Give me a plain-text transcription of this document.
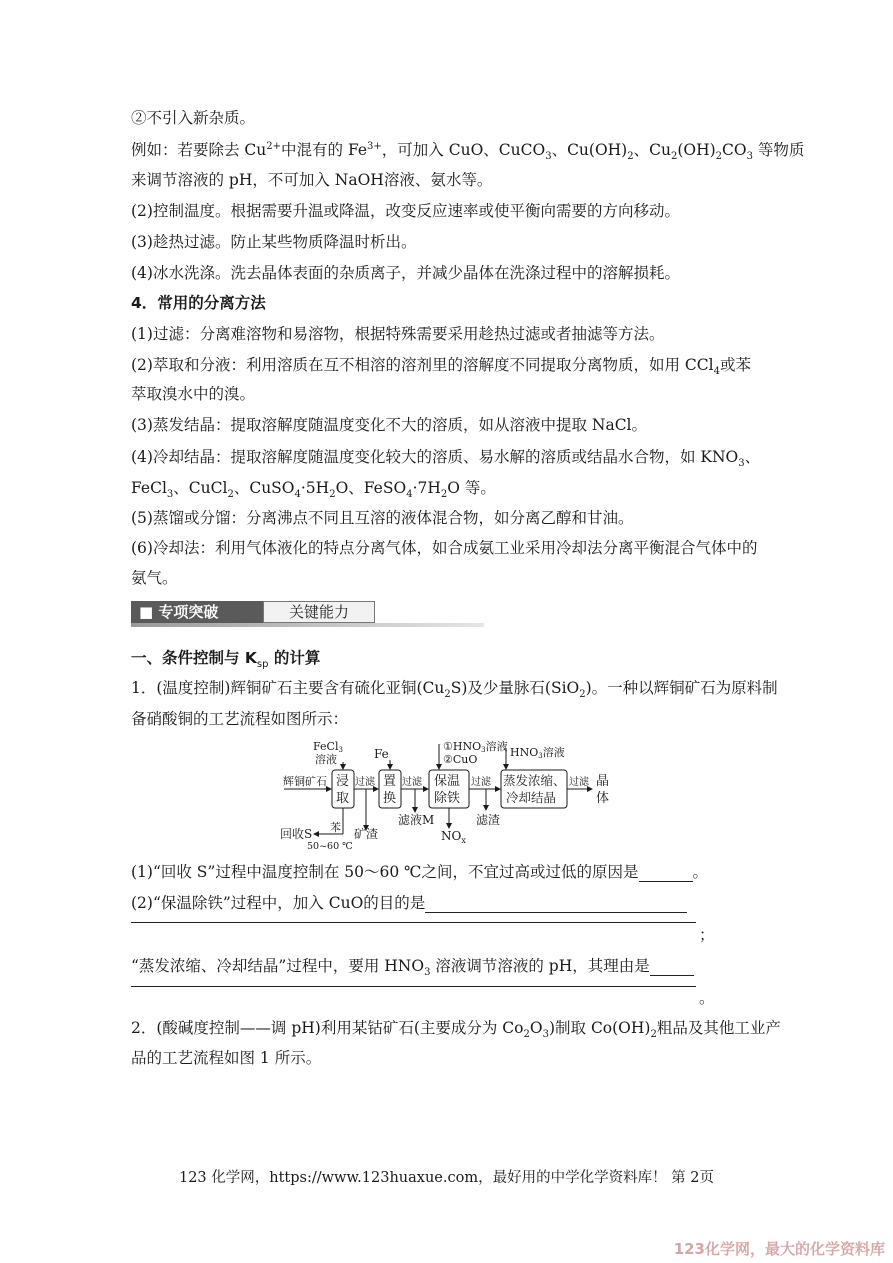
②不引入新杂质。
例如：若要除去 $Cu^{2+}$中混有的 $Fe^{3+}$，可加入 CuO、CuCO$_3$、$Cu(OH)_2$、$Cu_2(OH)_2CO_3$ 等物质
来调节溶液的 pH，不可加入 NaOH溶液、氨水等。
(2)控制温度。根据需要升温或降温，改变反应速率或使平衡向需要的方向移动。
(3)趁热过滤。防止某些物质降温时析出。
(4)冰水洗涤。洗去晶体表面的杂质离子，并减少晶体在洗涤过程中的溶解损耗。
4．常用的分离方法
(1)过滤：分离难溶物和易溶物，根据特殊需要采用趁热过滤或者抽滤等方法。
(2)萃取和分液：利用溶质在互不相溶的溶剂里的溶解度不同提取分离物质，如用 CCl$_4$或苯
萃取溴水中的溴。
(3)蒸发结晶：提取溶解度随温度变化不大的溶质，如从溶液中提取 NaCl。
(4)冷却结晶：提取溶解度随温度变化较大的溶质、易水解的溶质或结晶水合物，如 $KNO_3$、
FeCl$_3$、CuCl$_2$、$CuSO_4\cdot 5H_2O$、$FeSO_4\cdot 7H_2O$ 等。
(5)蒸馏或分馏：分离沸点不同且互溶的液体混合物，如分离乙醇和甘油。
(6)冷却法：利用气体液化的特点分离气体，如合成氨工业采用冷却法分离平衡混合气体中的
氨气。
■ 专项突破	关键能力
一、条件控制与 $K_{sp}$ 的计算
1．(温度控制)辉铜矿石主要含有硫化亚铜$(Cu_2S)$及少量脉石(SiO$_2$)。一种以辉铜矿石为原料制
备硝酸铜的工艺流程如图所示：
FeCl3
溶液	Fe
①HNO3溶液
②CuO
HNO3溶液
辉铜矿石 浸
取
置
换
保温
除铁
蒸发浓缩、
冷却结晶
过滤	过滤	过滤	过滤 晶
体
滤液M
$NO_x$
滤渣
回收S 苯
50~60 ℃
矿渣
(1)“回收 S”过程中温度控制在 50～60 ℃之间，不宜过高或过低的原因是	。
(2)“保温除铁”过程中，加入 CuO的目的是
；
“蒸发浓缩、冷却结晶”过程中，要用 $HNO_3$ 溶液调节溶液的 pH，其理由是
。
2．(酸碱度控制——调 pH)利用某钴矿石(主要成分为 $Co_2O_3$)制取 $Co(OH)_2$粗品及其他工业产
品的工艺流程如图 1 所示。
123 化学网，https://www.123huaxue.com，最好用的中学化学资料库！ 第 2页
123化学网，最大的化学资料库
